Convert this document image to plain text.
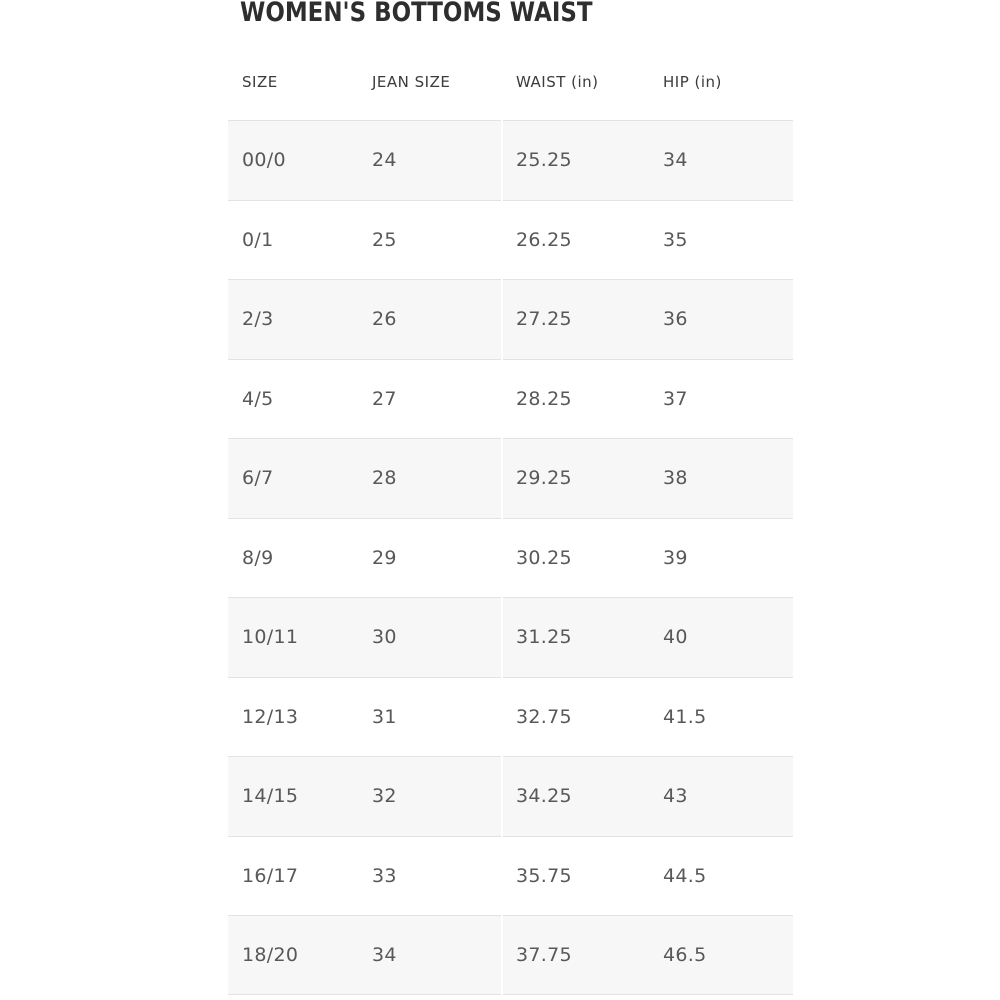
WOMEN'S BOTTOMS WAIST
SIZE	JEAN SIZE	WAIST (in)	HIP (in)
00/0	24	25.25	34
0/1	25	26.25	35
2/3	26	27.25	36
4/5	27	28.25	37
6/7	28	29.25	38
8/9	29	30.25	39
10/11	30	31.25	40
12/13	31	32.75	41.5
14/15	32	34.25	43
16/17	33	35.75	44.5
18/20	34	37.75	46.5
